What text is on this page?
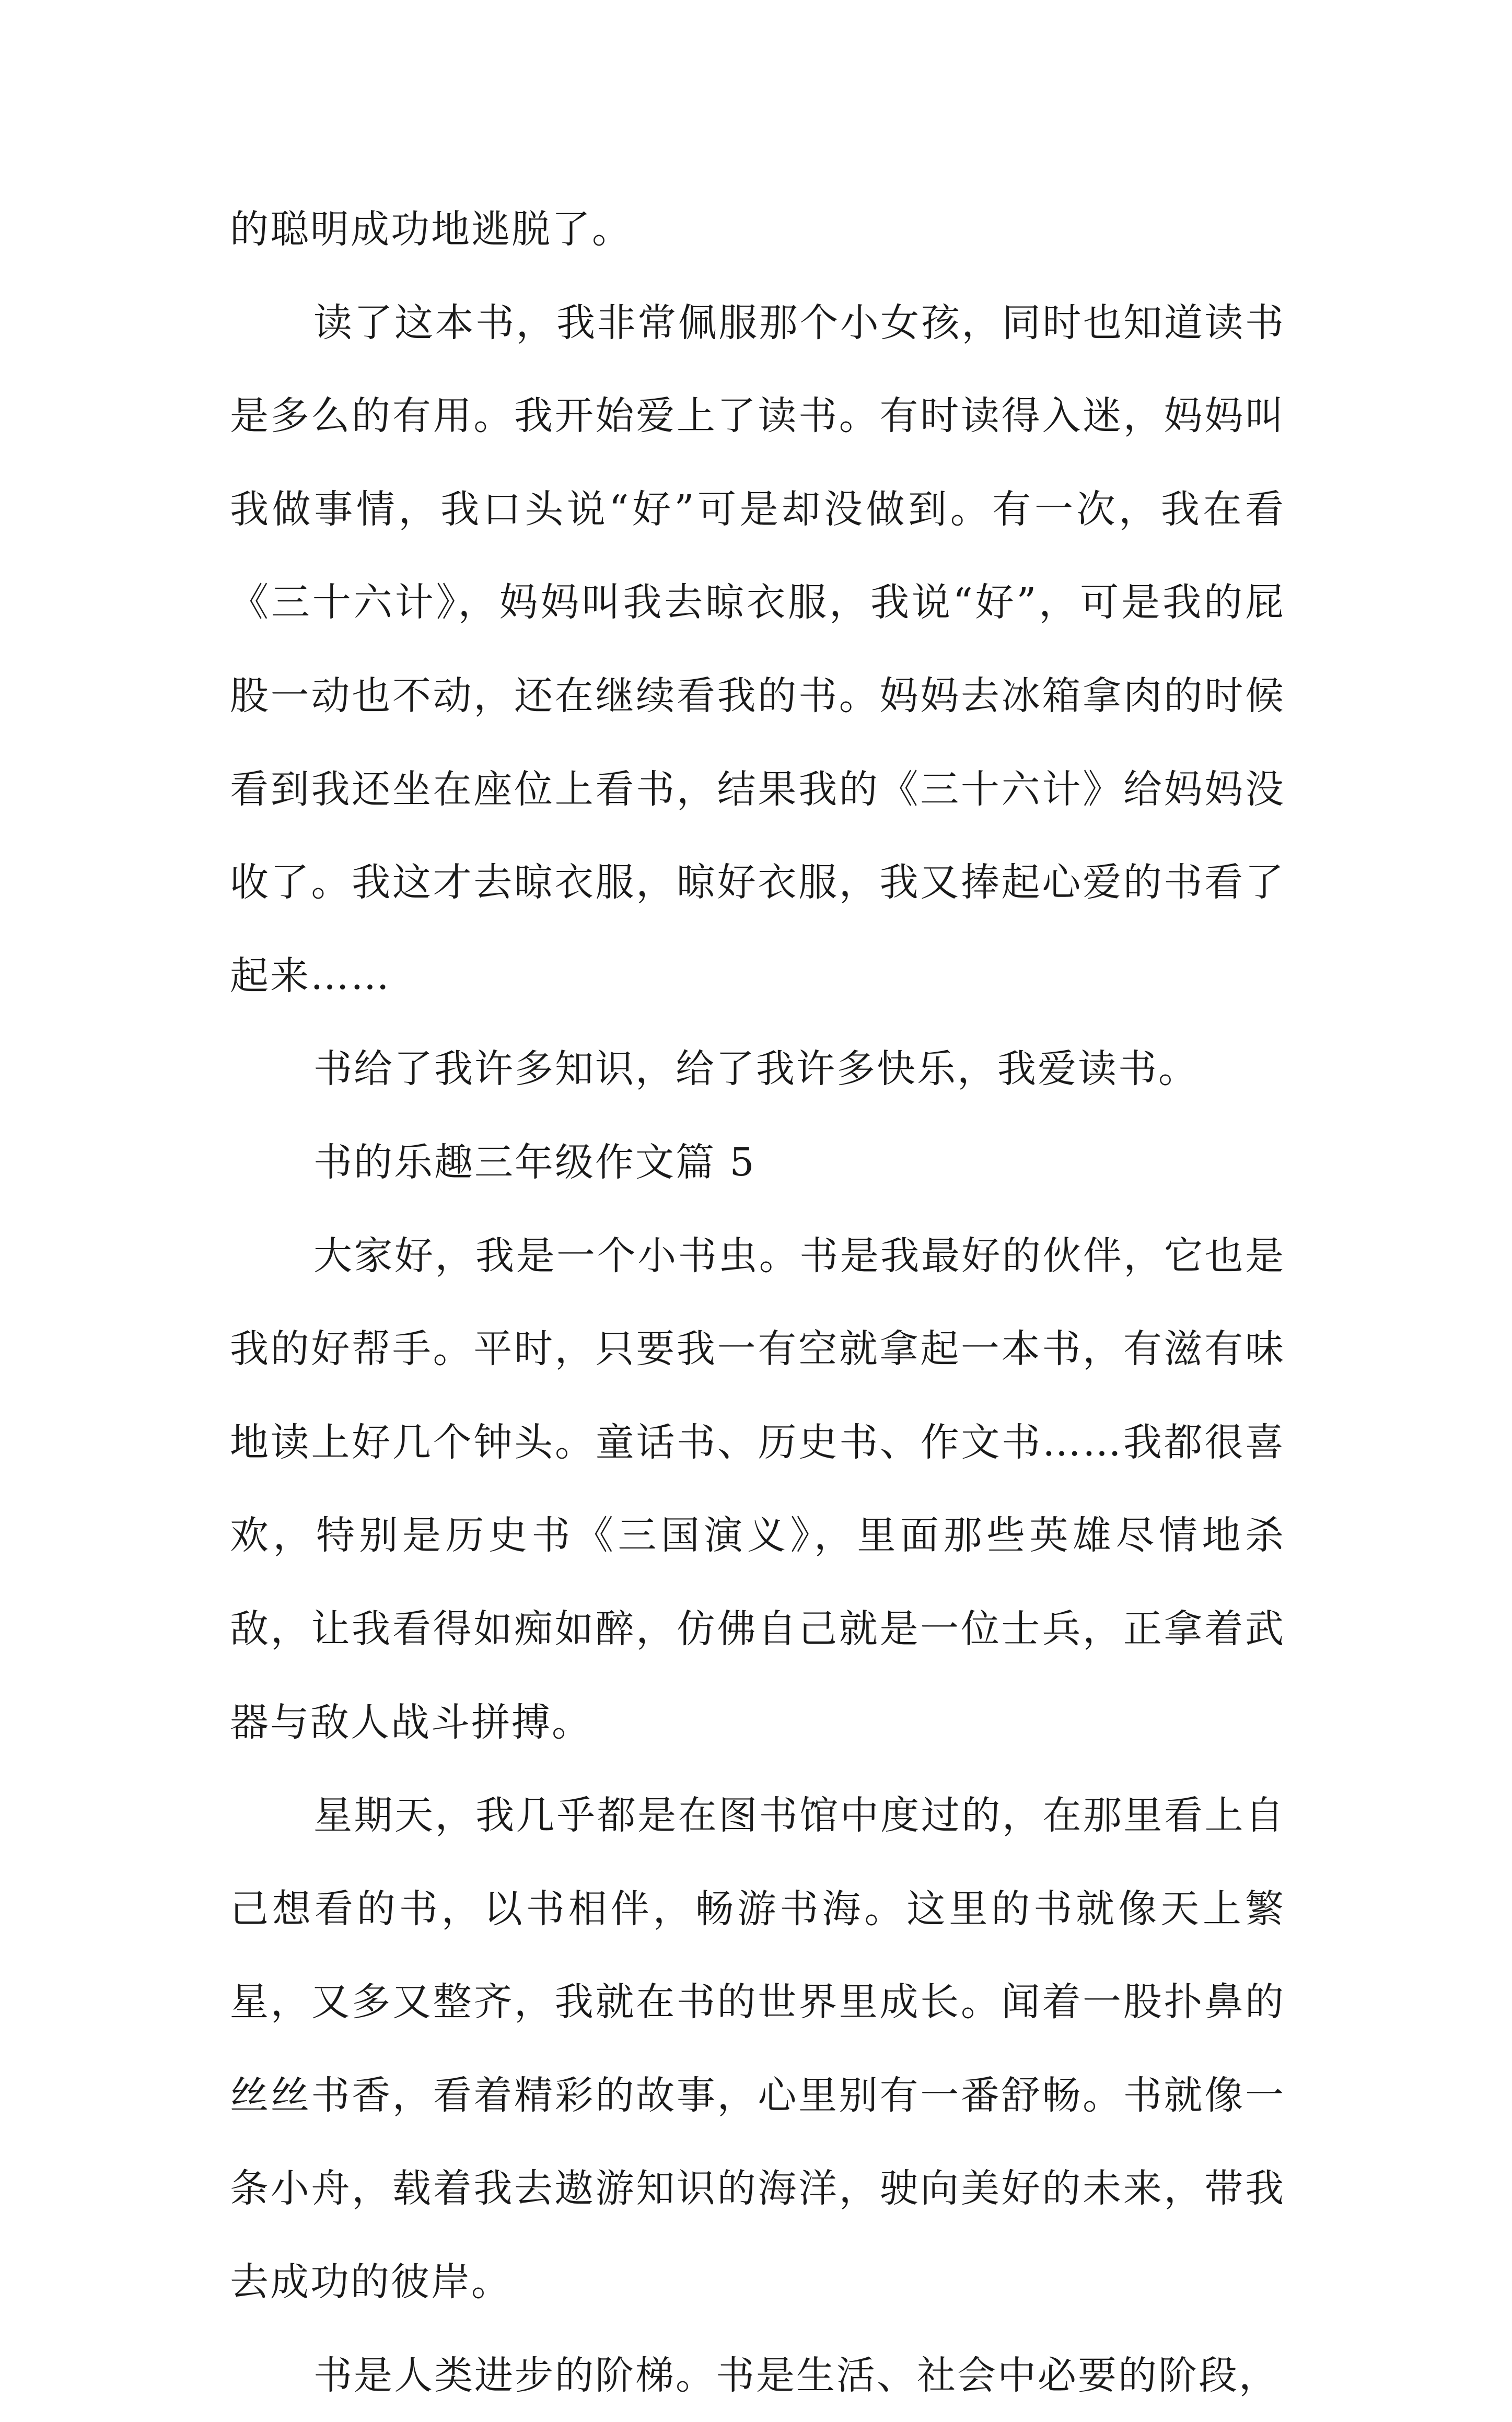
的聪明成功地逃脱了。

读了这本书，我非常佩服那个小女孩，同时也知道读书是多么的有用。我开始爱上了读书。有时读得入迷，妈妈叫我做事情，我口头说“好”可是却没做到。有一次，我在看《三十六计》，妈妈叫我去晾衣服，我说“好”，可是我的屁股一动也不动，还在继续看我的书。妈妈去冰箱拿肉的时候看到我还坐在座位上看书，结果我的《三十六计》给妈妈没收了。我这才去晾衣服，晾好衣服，我又捧起心爱的书看了起来……

书给了我许多知识，给了我许多快乐，我爱读书。

书的乐趣三年级作文篇 5

大家好，我是一个小书虫。书是我最好的伙伴，它也是我的好帮手。平时，只要我一有空就拿起一本书，有滋有味地读上好几个钟头。童话书、历史书、作文书……我都很喜欢，特别是历史书《三国演义》，里面那些英雄尽情地杀敌，让我看得如痴如醉，仿佛自己就是一位士兵，正拿着武器与敌人战斗拼搏。

星期天，我几乎都是在图书馆中度过的，在那里看上自己想看的书，以书相伴，畅游书海。这里的书就像天上繁星，又多又整齐，我就在书的世界里成长。闻着一股扑鼻的丝丝书香，看着精彩的故事，心里别有一番舒畅。书就像一条小舟，载着我去遨游知识的海洋，驶向美好的未来，带我去成功的彼岸。

书是人类进步的阶梯。书是生活、社会中必要的阶段，
